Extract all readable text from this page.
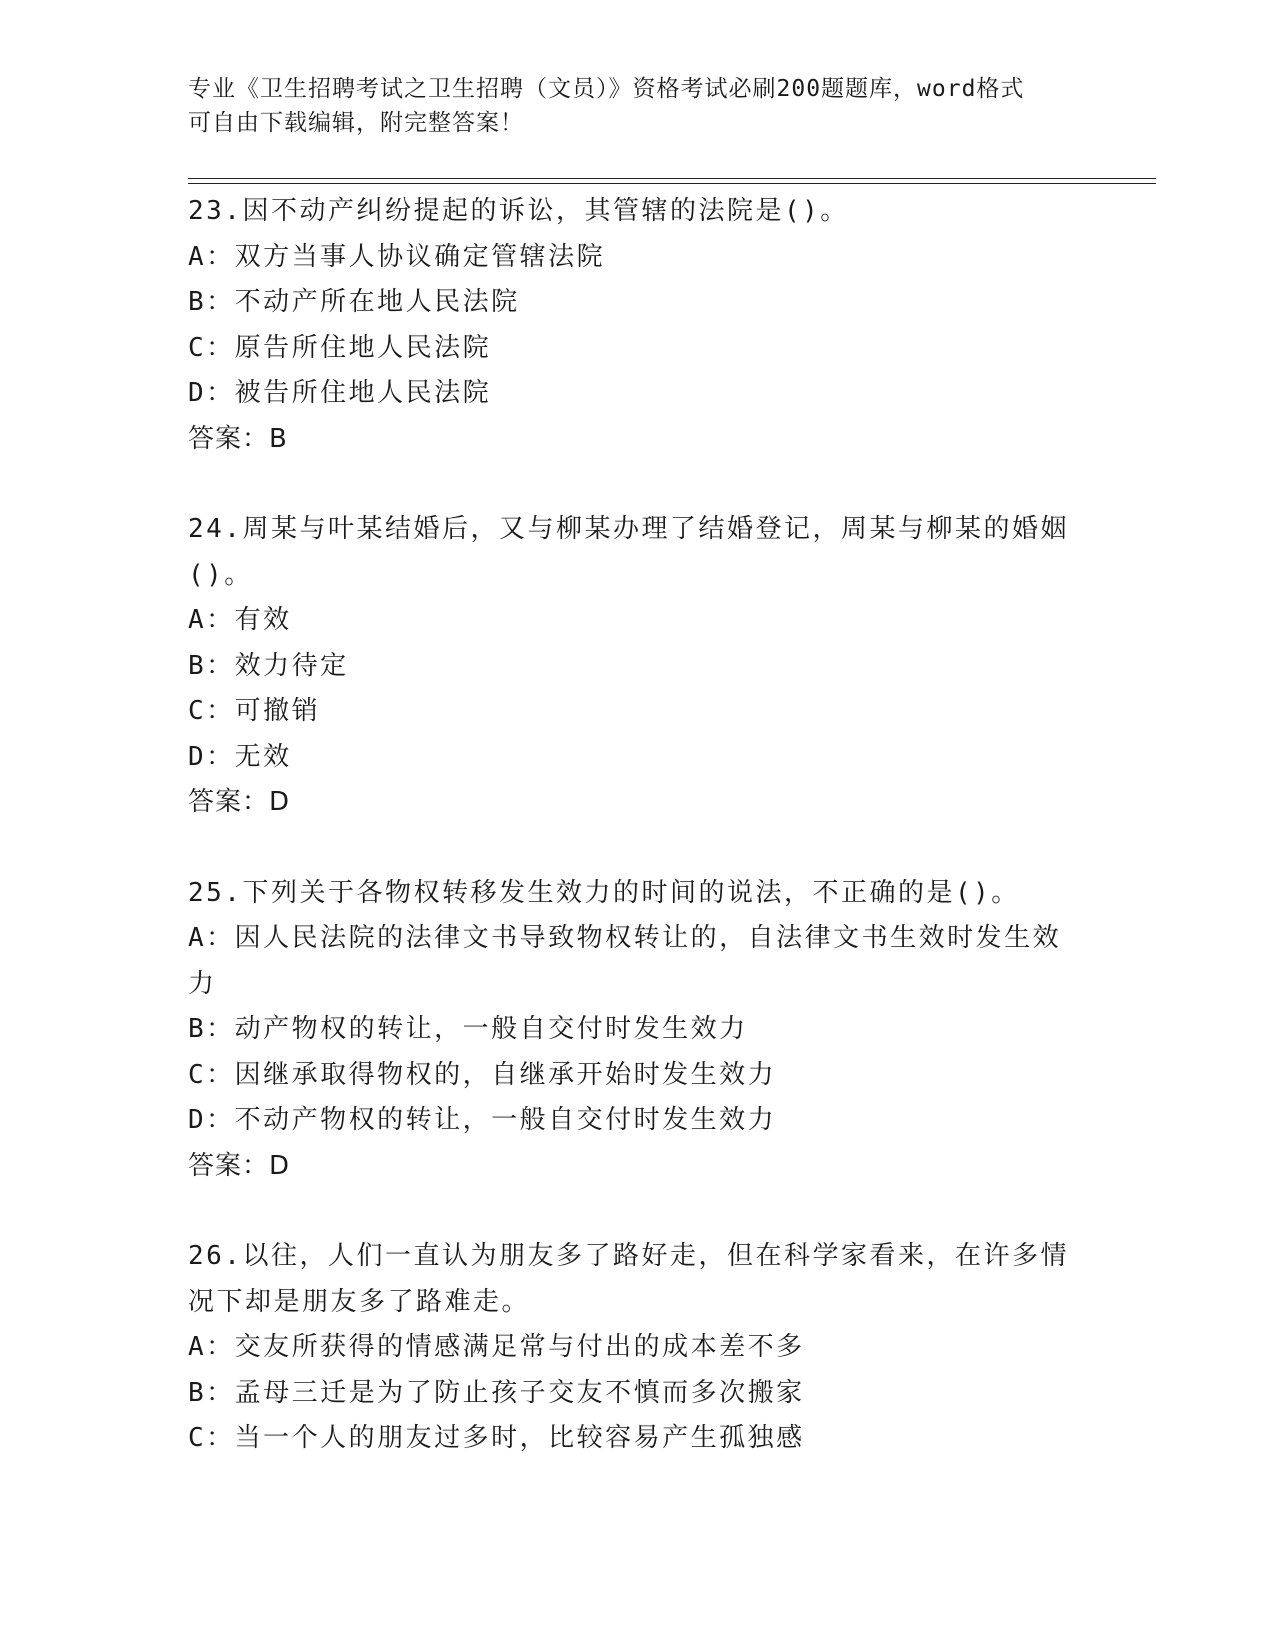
专业《卫生招聘考试之卫生招聘（文员）》资格考试必刷200题题库，word格式
可自由下载编辑，附完整答案！

23.因不动产纠纷提起的诉讼，其管辖的法院是()。

A：双方当事人协议确定管辖法院

B：不动产所在地人民法院

C：原告所住地人民法院

D：被告所住地人民法院

答案：B

24.周某与叶某结婚后，又与柳某办理了结婚登记，周某与柳某的婚姻()。

A：有效

B：效力待定

C：可撤销

D：无效

答案：D

25.下列关于各物权转移发生效力的时间的说法，不正确的是()。

A：因人民法院的法律文书导致物权转让的，自法律文书生效时发生效力

B：动产物权的转让，一般自交付时发生效力

C：因继承取得物权的，自继承开始时发生效力

D：不动产物权的转让，一般自交付时发生效力

答案：D

26.以往，人们一直认为朋友多了路好走，但在科学家看来，在许多情况下却是朋友多了路难走。

A：交友所获得的情感满足常与付出的成本差不多

B：孟母三迁是为了防止孩子交友不慎而多次搬家

C：当一个人的朋友过多时，比较容易产生孤独感
